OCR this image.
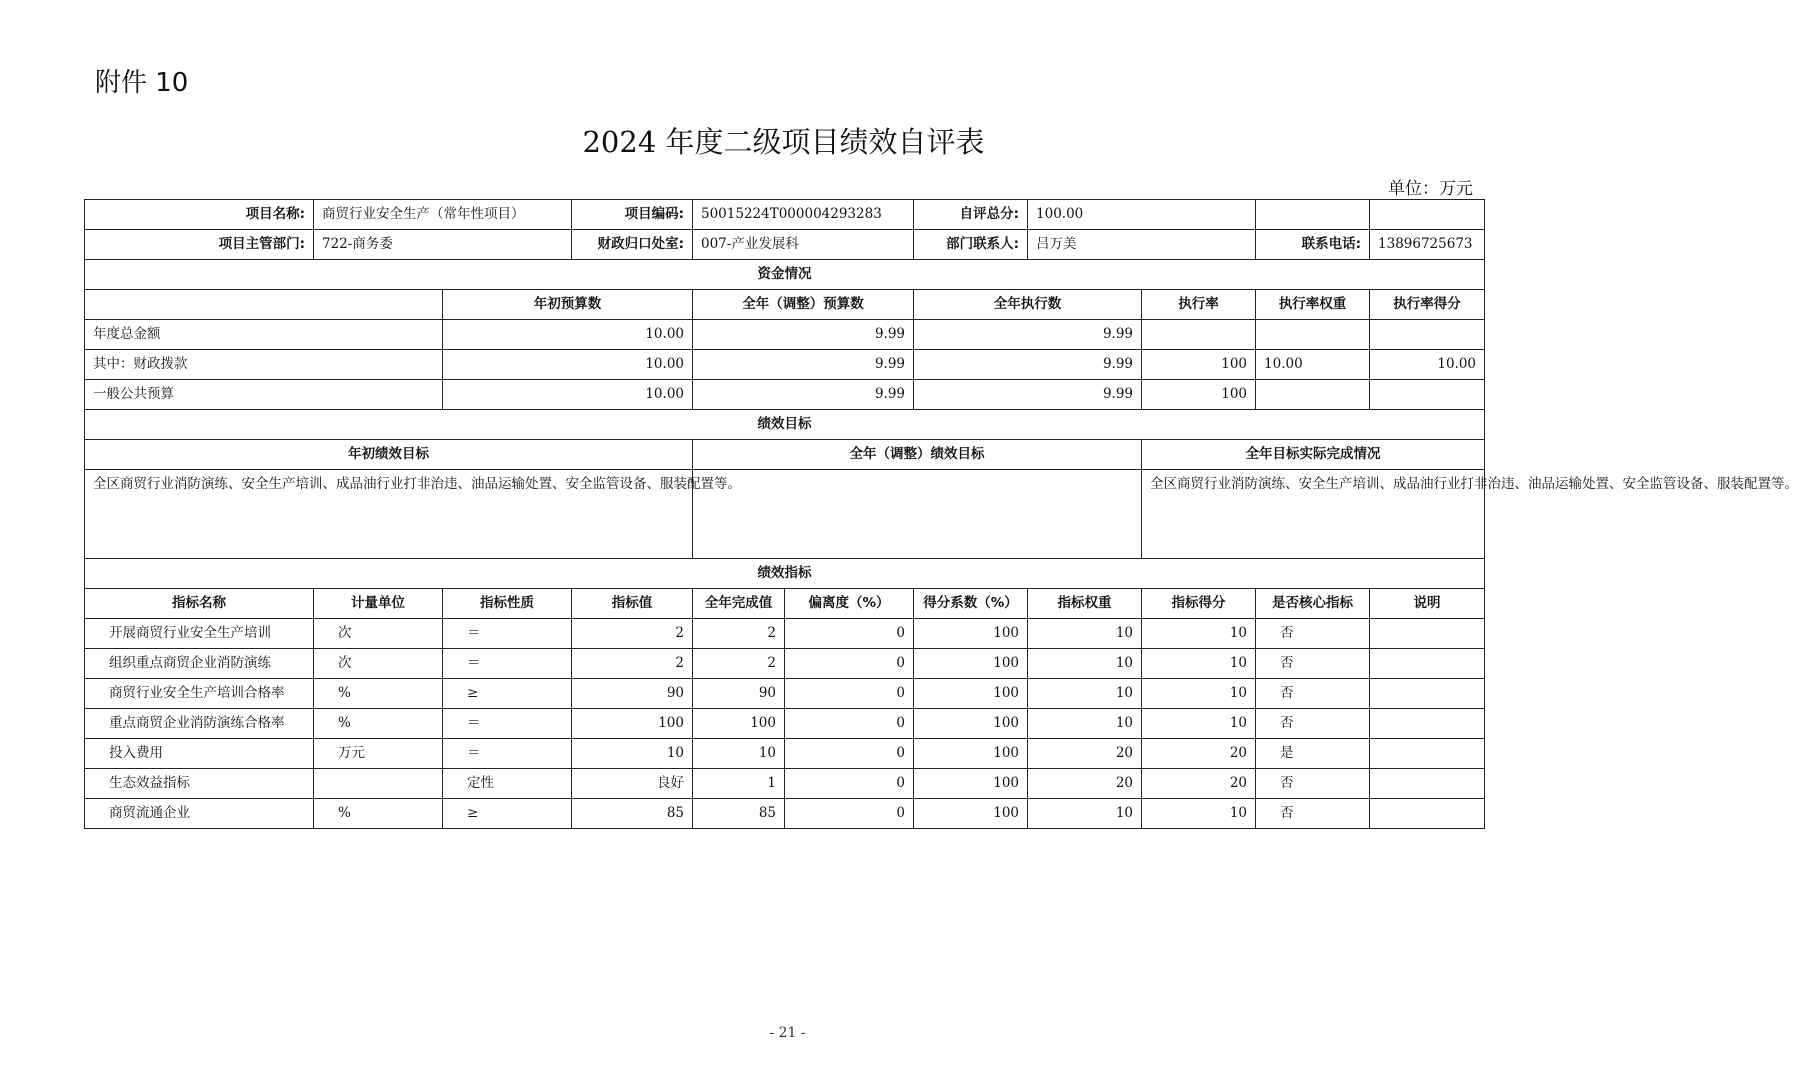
附件 10
2024 年度二级项目绩效自评表
单位：万元
项目名称:	商贸行业安全生产（常年性项目）		项目编码:	50015224T000004293283		自评总分:	100.00			
项目主管部门:	722-商务委		财政归口处室:	007-产业发展科		部门联系人:	吕万美		联系电话:	13896725673
资金情况										
		年初预算数		全年（调整）预算数		全年执行数		执行率	执行率权重	执行率得分
年度总金额		10.00		9.99		9.99				
其中：财政拨款		10.00		9.99		9.99		100	10.00	10.00
一般公共预算		10.00		9.99		9.99		100		
绩效目标										
年初绩效目标				全年（调整）绩效目标				全年目标实际完成情况		
全区商贸行业消防演练、安全生产培训、成品油行业打非治违、油品运输处置、安全监管设备、服装配置等。								全区商贸行业消防演练、安全生产培训、成品油行业打非治违、油品运输处置、安全监管设备、服装配置等。		
绩效指标										
指标名称	计量单位	指标性质	指标值	全年完成值	偏离度（%）	得分系数（%）	指标权重	指标得分	是否核心指标	说明
开展商贸行业安全生产培训	次	＝	2	2	0	100	10	10	否	
组织重点商贸企业消防演练	次	＝	2	2	0	100	10	10	否	
商贸行业安全生产培训合格率	%	≥	90	90	0	100	10	10	否	
重点商贸企业消防演练合格率	%	＝	100	100	0	100	10	10	否	
投入费用	万元	＝	10	10	0	100	20	20	是	
生态效益指标		定性	良好	1	0	100	20	20	否	
商贸流通企业	%	≥	85	85	0	100	10	10	否	
- 21 -
